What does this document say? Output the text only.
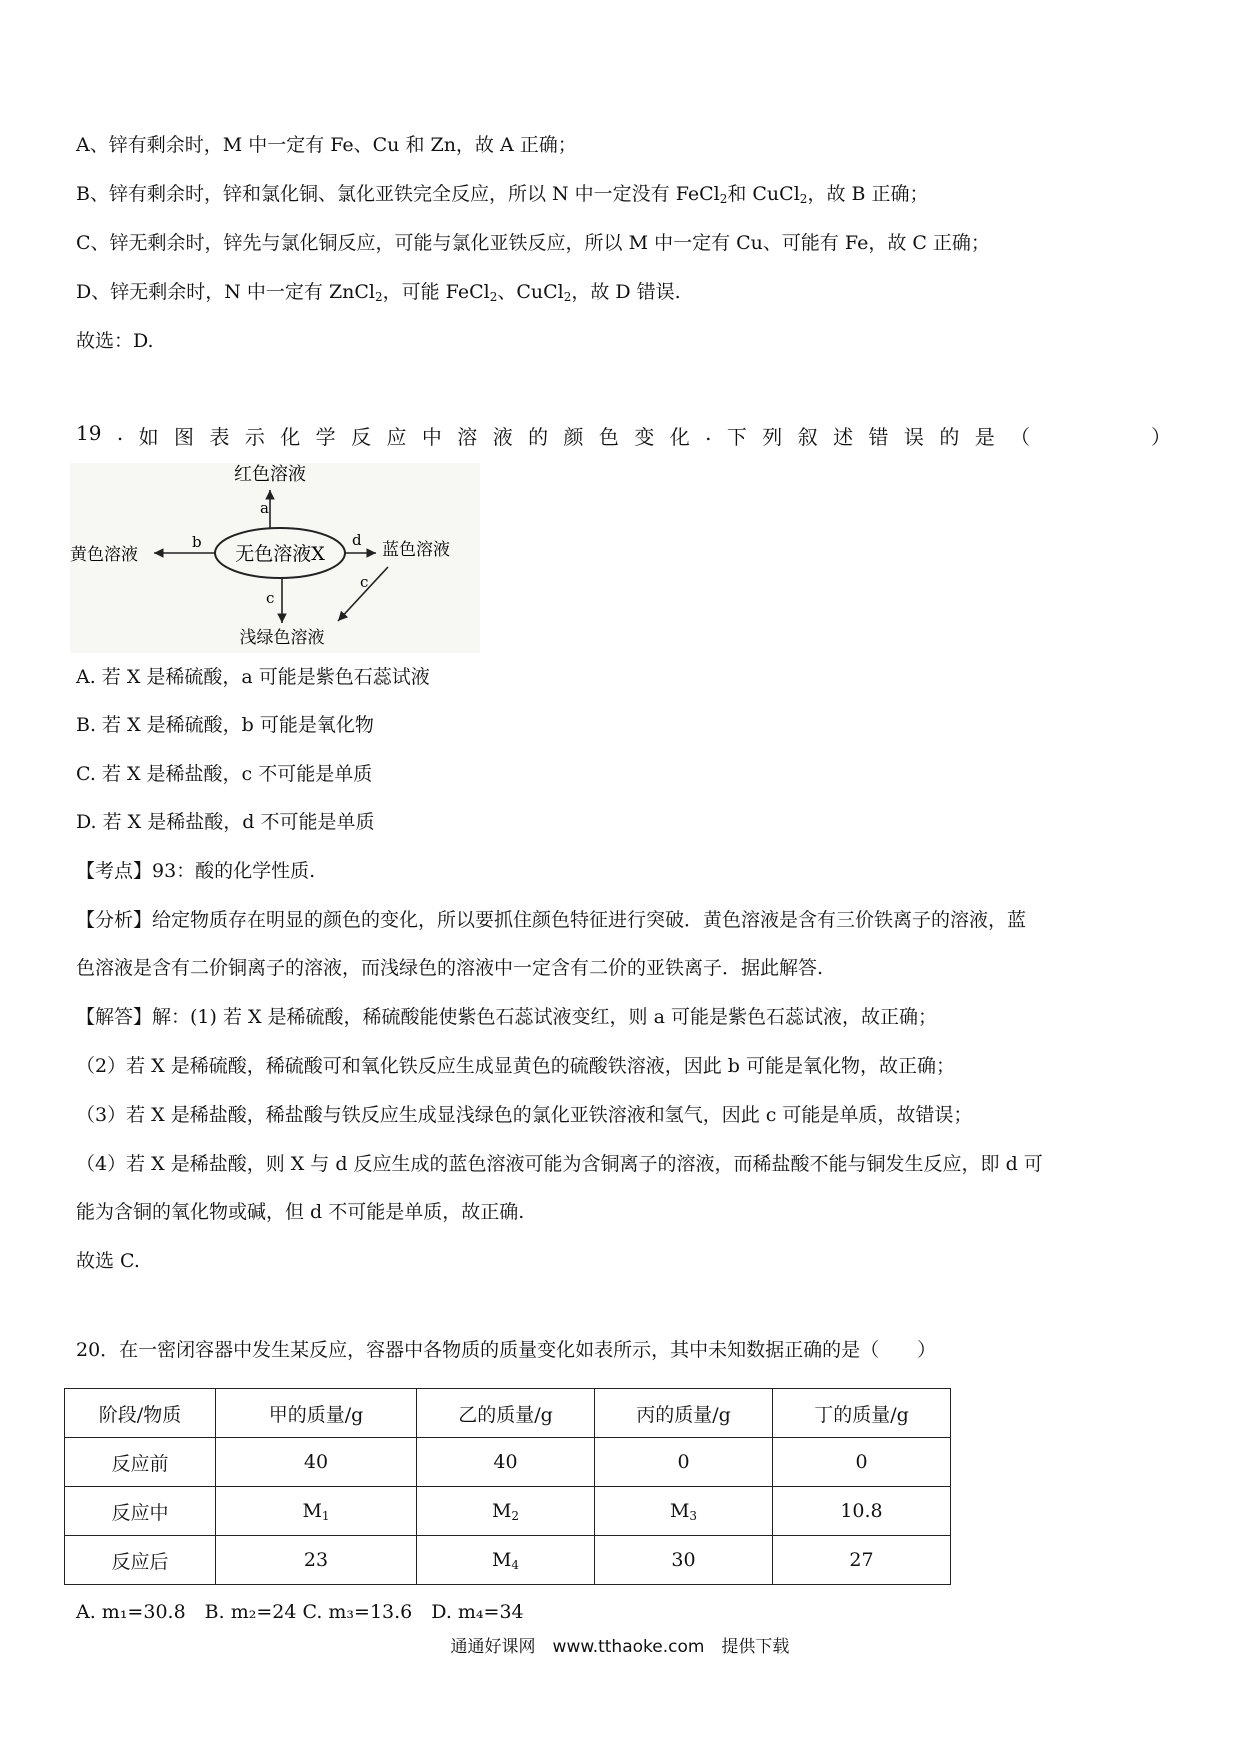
A、锌有剩余时，M 中一定有 Fe、Cu 和 Zn，故 A 正确；
B、锌有剩余时，锌和氯化铜、氯化亚铁完全反应，所以 N 中一定没有 FeCl$_2$和 CuCl$_2$，故 B 正确；
C、锌无剩余时，锌先与氯化铜反应，可能与氯化亚铁反应，所以 M 中一定有 Cu、可能有 Fe，故 C 正确；
D、锌无剩余时，N 中一定有 ZnCl$_2$，可能 FeCl$_2$、CuCl$_2$，故 D 错误.
故选：D.
19 . 如 图 表 示 化 学 反 应 中 溶 液 的 颜 色 变 化 . 下 列 叙 述 错 误 的 是 （	）
无色溶液X
红色溶液
黄色溶液	蓝色溶液
浅绿色溶液
a
b	d
c
c
A. 若 X 是稀硫酸，a 可能是紫色石蕊试液
B. 若 X 是稀硫酸，b 可能是氧化物
C. 若 X 是稀盐酸，c 不可能是单质
D. 若 X 是稀盐酸，d 不可能是单质
【考点】93：酸的化学性质.
【分析】给定物质存在明显的颜色的变化，所以要抓住颜色特征进行突破．黄色溶液是含有三价铁离子的溶液，蓝
色溶液是含有二价铜离子的溶液，而浅绿色的溶液中一定含有二价的亚铁离子．据此解答.
【解答】解：(1) 若 X 是稀硫酸，稀硫酸能使紫色石蕊试液变红，则 a 可能是紫色石蕊试液，故正确；
（2）若 X 是稀硫酸，稀硫酸可和氧化铁反应生成显黄色的硫酸铁溶液，因此 b 可能是氧化物，故正确；
（3）若 X 是稀盐酸，稀盐酸与铁反应生成显浅绿色的氯化亚铁溶液和氢气，因此 c 可能是单质，故错误；
（4）若 X 是稀盐酸，则 X 与 d 反应生成的蓝色溶液可能为含铜离子的溶液，而稀盐酸不能与铜发生反应，即 d 可
能为含铜的氧化物或碱，但 d 不可能是单质，故正确.
故选 C.
20．在一密闭容器中发生某反应，容器中各物质的质量变化如表所示，其中未知数据正确的是（　　）
阶段/物质	甲的质量/g	乙的质量/g	丙的质量/g	丁的质量/g
反应前	40	40	0	0
反应中	$M_1$	$M_2$	$M_3$	10.8
反应后	23	$M_4$	30	27
A. m₁=30.8　B. m₂=24 C. m₃=13.6　D. m₄=34
通通好课网　www.tthaoke.com　提供下载
